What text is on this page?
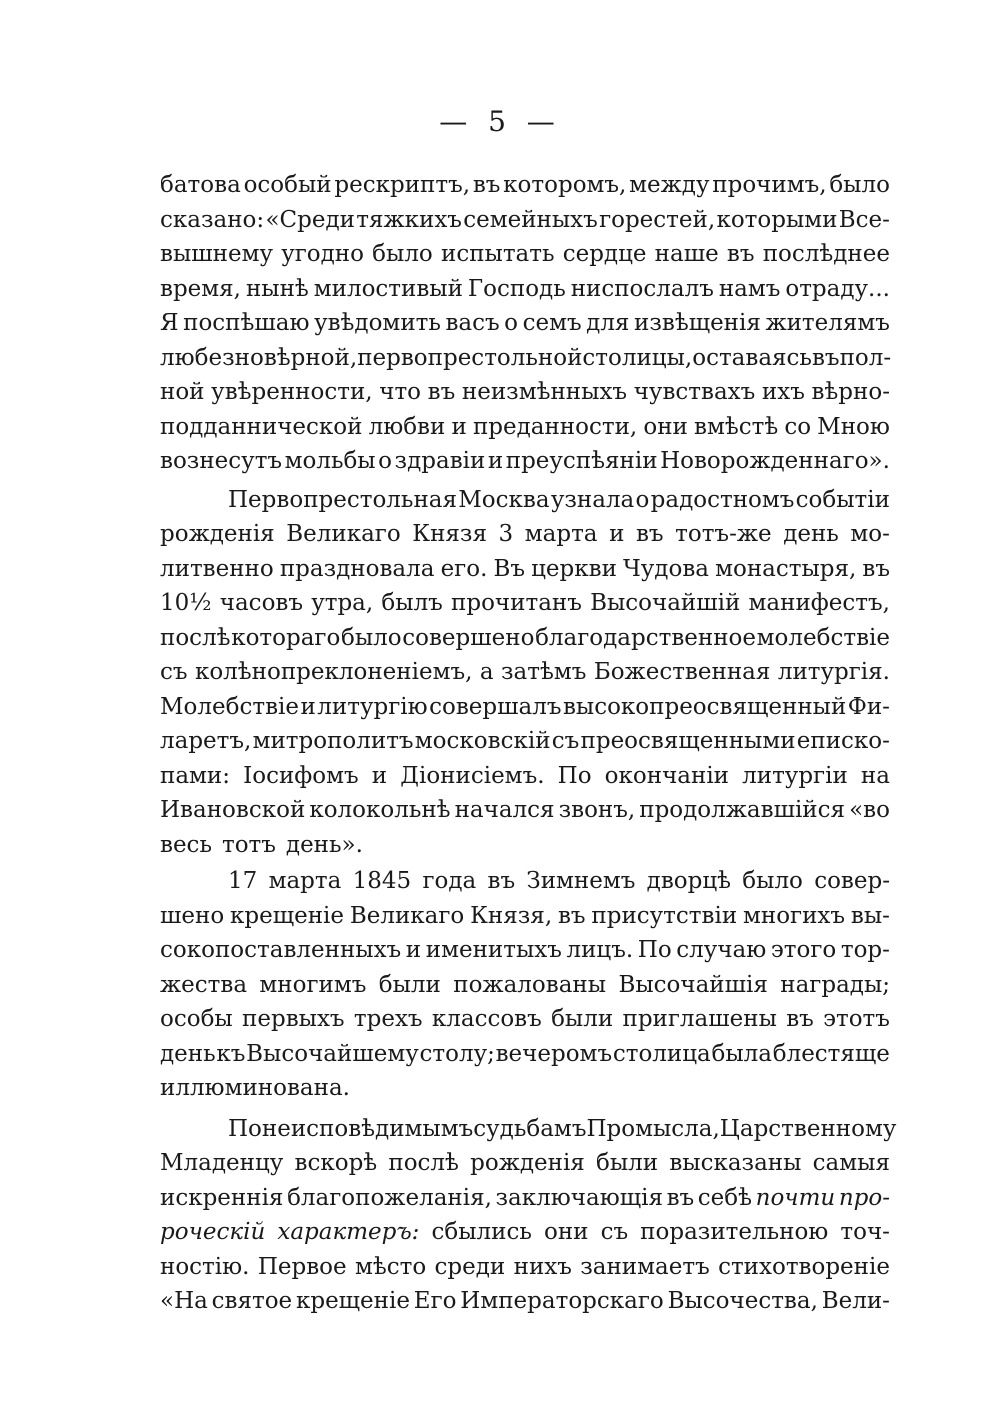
— 5 —
батова особый рескриптъ, въ которомъ, между прочимъ, было
сказано: «Среди тяжкихъ семейныхъ горестей, которыми Все-
вышнему угодно было испытать сердце наше въ послѣднее
время, нынѣ милостивый Господь ниспослалъ намъ отраду...
Я поспѣшаю увѣдомить васъ о семъ для извѣщенія жителямъ
любезновѣрной, первопрестольной столицы, оставаясь въ пол-
ной увѣренности, что въ неизмѣнныхъ чувствахъ ихъ вѣрно-
подданнической любви и преданности, они вмѣстѣ со Мною
вознесутъ мольбы о здравіи и преуспѣяніи Новорожденнаго».
Первопрестольная Москва узнала о радостномъ событіи
рожденія Великаго Князя 3 марта и въ тотъ-же день мо-
литвенно праздновала его. Въ церкви Чудова монастыря, въ
10½ часовъ утра, былъ прочитанъ Высочайшій манифестъ,
послѣ котораго было совершено благодарственное молебствіе
съ колѣнопреклоненіемъ, а затѣмъ Божественная литургія.
Молебствіе и литургію совершалъ высокопреосвященный Фи-
ларетъ, митрополитъ московскій съ преосвященными еписко-
пами: Іосифомъ и Діонисіемъ. По окончаніи литургіи на
Ивановской колокольнѣ начался звонъ, продолжавшійся «во
весь тотъ день».
17 марта 1845 года въ Зимнемъ дворцѣ было совер-
шено крещеніе Великаго Князя, въ присутствіи многихъ вы-
сокопоставленныхъ и именитыхъ лицъ. По случаю этого тор-
жества многимъ были пожалованы Высочайшія награды;
особы первыхъ трехъ классовъ были приглашены въ этотъ
день къ Высочайшему столу; вечеромъ столица была блестяще
иллюминована.
По неисповѣдимымъ судьбамъ Промысла, Царственному
Младенцу вскорѣ послѣ рожденія были высказаны самыя
искреннія благопожеланія, заключающія въ себѣ почти про-
роческій характеръ: сбылись они съ поразительною точ-
ностію. Первое мѣсто среди нихъ занимаетъ стихотвореніе
«На святое крещеніе Его Императорскаго Высочества, Вели-
